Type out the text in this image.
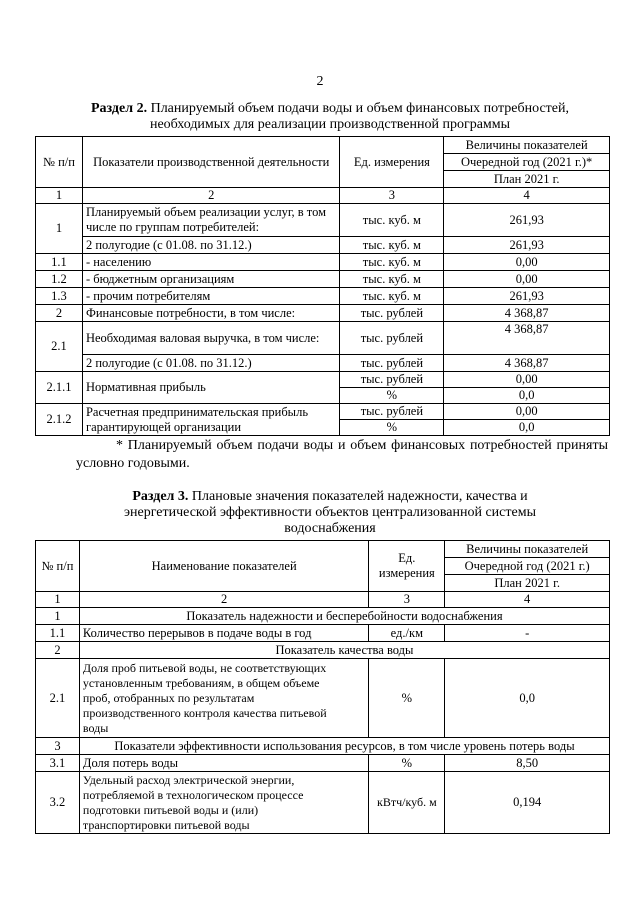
2
Раздел 2. Планируемый объем подачи воды и объем финансовых потребностей,
необходимых для реализации производственной программы
№ п/п	Показатели производственной деятельности	Ед. измерения	Величины показателей
			Очередной год (2021 г.)*
			План 2021 г.
1	2	3	4
1	Планируемый объем реализации услуг, в том числе по группам потребителей:	тыс. куб. м	261,93
	2 полугодие (с 01.08. по 31.12.)	тыс. куб. м	261,93
1.1	- населению	тыс. куб. м	0,00
1.2	- бюджетным организациям	тыс. куб. м	0,00
1.3	- прочим потребителям	тыс. куб. м	261,93
2	Финансовые потребности, в том числе:	тыс. рублей	4 368,87
2.1	Необходимая валовая выручка, в том числе:	тыс. рублей	4 368,87
	2 полугодие (с 01.08. по 31.12.)	тыс. рублей	4 368,87
2.1.1	Нормативная прибыль	тыс. рублей	0,00
		%	0,0
2.1.2	Расчетная предпринимательская прибыль гарантирующей организации	тыс. рублей	0,00
		%	0,0
* Планируемый объем подачи воды и объем финансовых потребностей приняты условно годовыми.
Раздел 3. Плановые значения показателей надежности, качества и
энергетической эффективности объектов централизованной системы
водоснабжения
№ п/п	Наименование показателей	Ед. измерения	Величины показателей
			Очередной год (2021 г.)
			План 2021 г.
1	2	3	4
1	Показатель надежности и бесперебойности водоснабжения		
1.1	Количество перерывов в подаче воды в год	ед./км	-
2	Показатель качества воды		
2.1	Доля проб питьевой воды, не соответствующих установленным требованиям, в общем объеме проб, отобранных по результатам производственного контроля качества питьевой воды	%	0,0
3	Показатели эффективности использования ресурсов, в том числе уровень потерь воды		
3.1	Доля потерь воды	%	8,50
3.2	Удельный расход электрической энергии, потребляемой в технологическом процессе подготовки питьевой воды и (или) транспортировки питьевой воды	кВтч/куб. м	0,194
